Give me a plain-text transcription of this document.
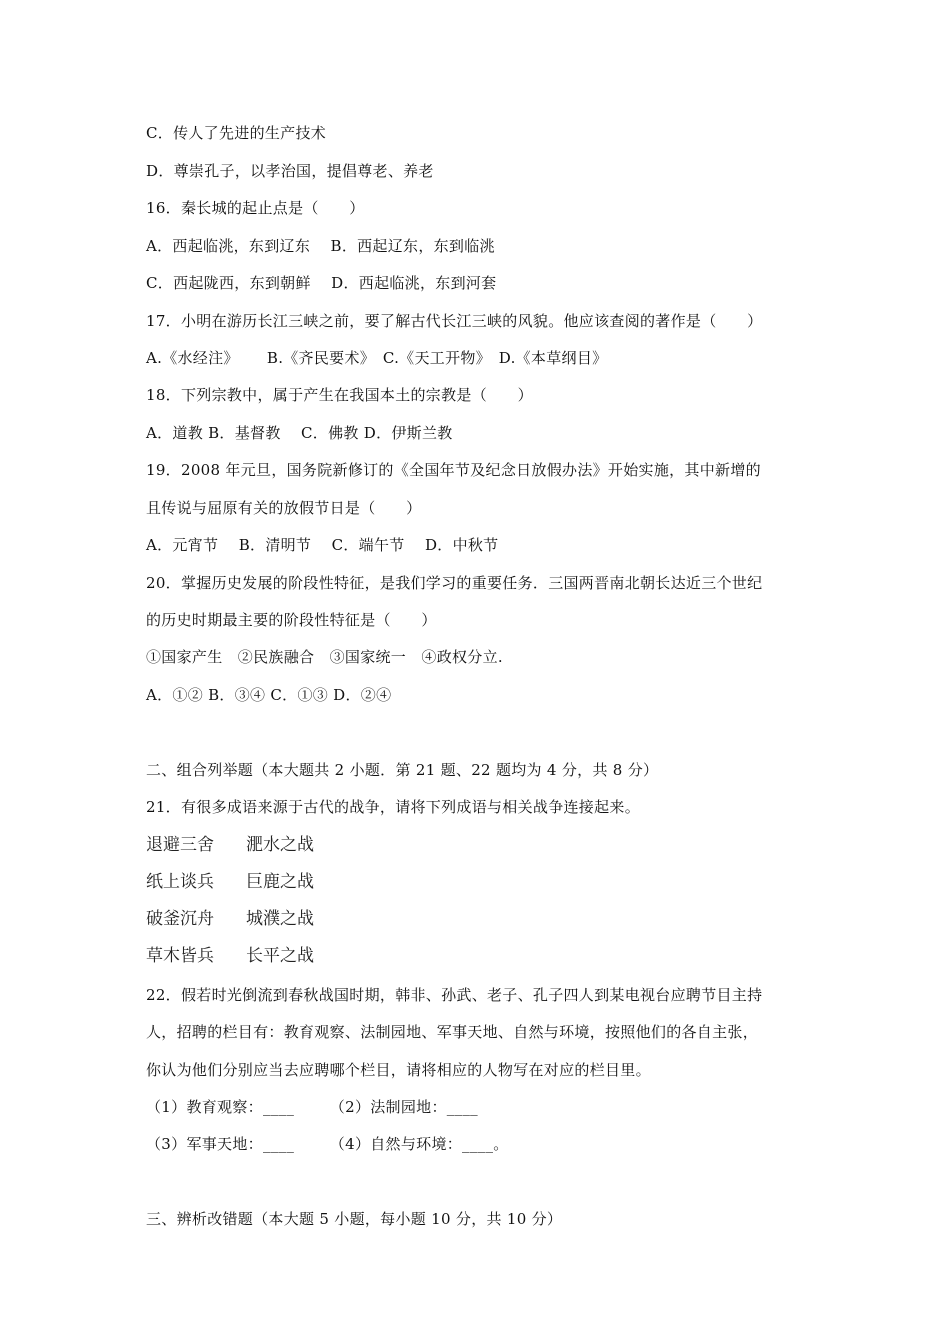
C．传人了先进的生产技术
D．尊崇孔子，以孝治国，提倡尊老、养老
16．秦长城的起止点是（　　）
A．西起临洮，东到辽东　 B．西起辽东，东到临洮
C．西起陇西，东到朝鲜　 D．西起临洮，东到河套
17．小明在游历长江三峡之前，要了解古代长江三峡的风貌。他应该查阅的著作是（　　）
A.《水经注》　　 B.《齐民要术》　C.《天工开物》　D.《本草纲目》
18．下列宗教中，属于产生在我国本土的宗教是（　　）
A．道教 B．基督教　 C．佛教 D．伊斯兰教
19．2008 年元旦，国务院新修订的《全国年节及纪念日放假办法》开始实施，其中新增的
且传说与屈原有关的放假节日是（　　）
A．元宵节　 B．清明节　 C．端午节　 D．中秋节
20．掌握历史发展的阶段性特征，是我们学习的重要任务．三国两晋南北朝长达近三个世纪
的历史时期最主要的阶段性特征是（　　）
①国家产生　②民族融合　③国家统一　④政权分立.
A．①② B．③④ C．①③ D．②④
二、组合列举题（本大题共 2 小题．第 21 题、22 题均为 4 分，共 8 分）
21．有很多成语来源于古代的战争，请将下列成语与相关战争连接起来。
退避三舍 淝水之战
纸上谈兵 巨鹿之战
破釜沉舟 城濮之战
草木皆兵 长平之战
22．假若时光倒流到春秋战国时期，韩非、孙武、老子、孔子四人到某电视台应聘节目主持
人，招聘的栏目有：教育观察、法制园地、军事天地、自然与环境，按照他们的各自主张，
你认为他们分别应当去应聘哪个栏目，请将相应的人物写在对应的栏目里。
（1）教育观察：____　　 （2）法制园地：____
（3）军事天地：____　　 （4）自然与环境：____。
三、辨析改错题（本大题 5 小题，每小题 10 分，共 10 分）
